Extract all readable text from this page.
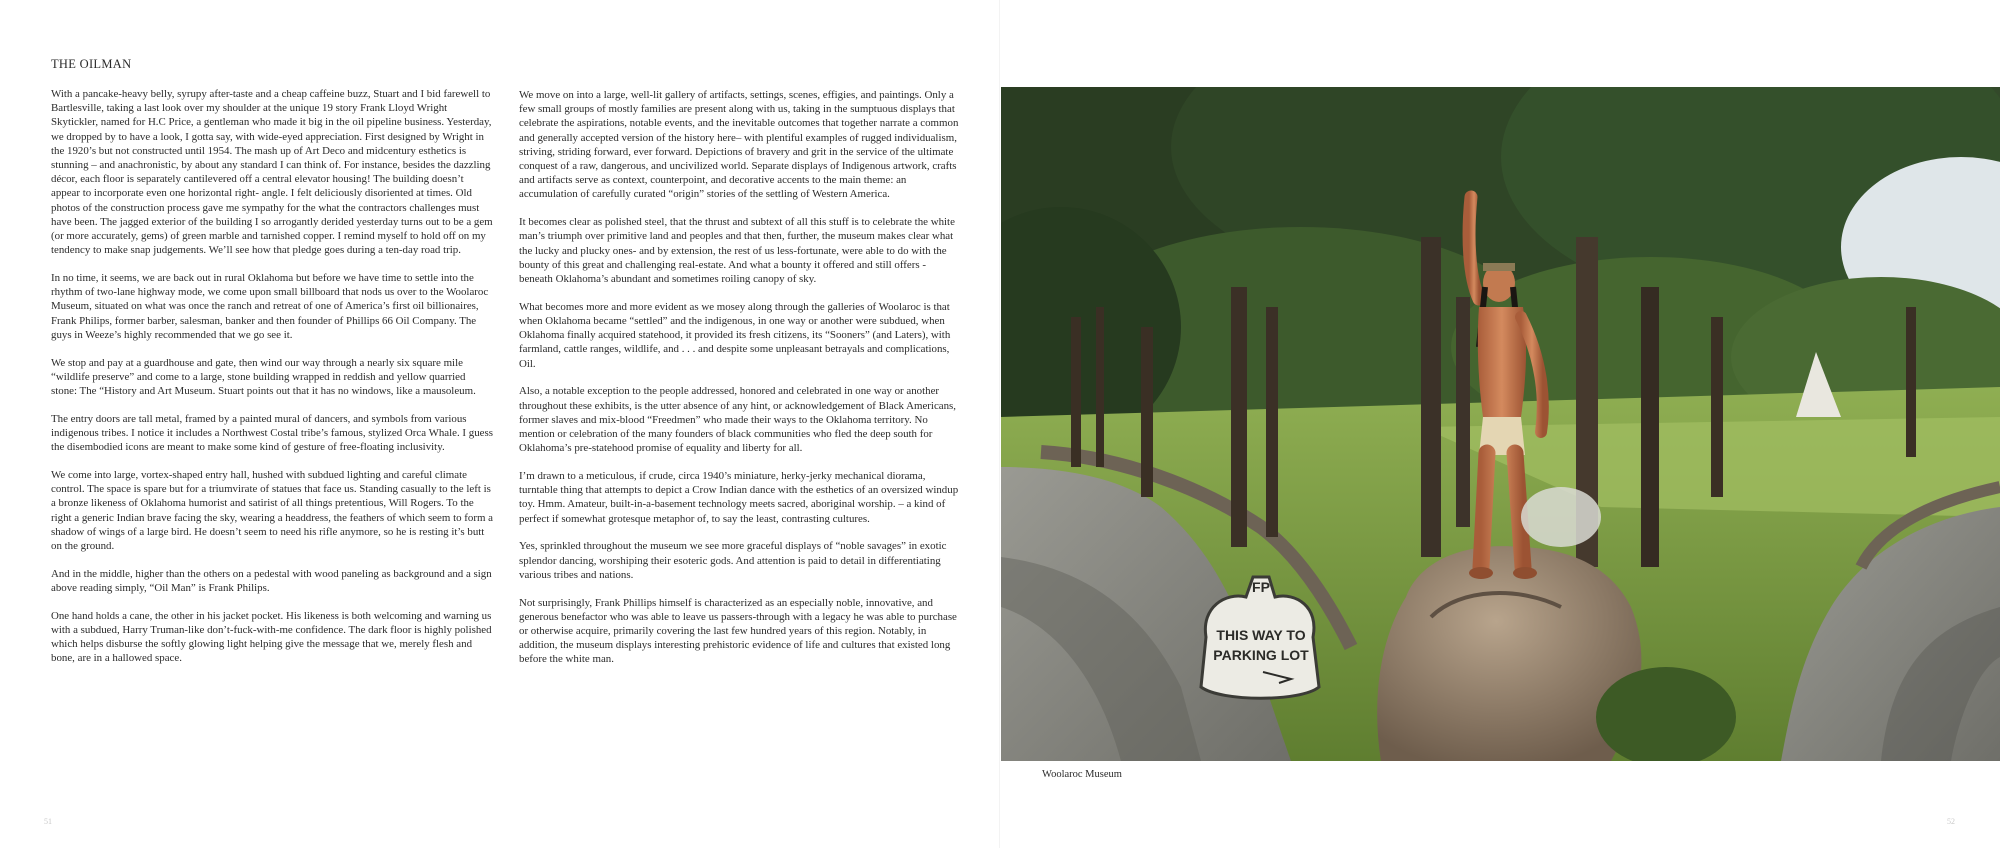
THE OILMAN

With a pancake-heavy belly, syrupy after-taste and a cheap caffeine buzz, Stuart and I bid farewell to Bartlesville, taking a last look over my shoulder at the unique 19 story Frank Lloyd Wright Skytickler, named for H.C Price, a gentleman who made it big in the oil pipeline business. Yesterday, we dropped by to have a look, I gotta say, with wide-eyed appreciation. First designed by Wright in the 1920’s but not constructed until 1954. The mash up of Art Deco and midcentury esthetics is stunning – and anachronistic, by about any standard I can think of. For instance, besides the dazzling décor, each floor is separately cantilevered off a central elevator housing! The building doesn’t appear to incorporate even one horizontal right- angle. I felt deliciously disoriented at times. Old photos of the construction process gave me sympathy for the what the contractors challenges must have been. The jagged exterior of the building I so arrogantly derided yesterday turns out to be a gem (or more accurately, gems) of green marble and tarnished copper. I remind myself to hold off on my tendency to make snap judgements. We’ll see how that pledge goes during a ten-day road trip.

In no time, it seems, we are back out in rural Oklahoma but before we have time to settle into the rhythm of two-lane highway mode, we come upon small billboard that nods us over to the Woolaroc Museum, situated on what was once the ranch and retreat of one of America’s first oil billionaires, Frank Philips, former barber, salesman, banker and then founder of Phillips 66 Oil Company. The guys in Weeze’s highly recommended that we go see it.

We stop and pay at a guardhouse and gate, then wind our way through a nearly six square mile “wildlife preserve” and come to a large, stone building wrapped in reddish and yellow quarried stone: The “History and Art Museum. Stuart points out that it has no windows, like a mausoleum.

The entry doors are tall metal, framed by a painted mural of dancers, and symbols from various indigenous tribes. I notice it includes a Northwest Costal tribe’s famous, stylized Orca Whale. I guess the disembodied icons are meant to make some kind of gesture of free-floating inclusivity.

We come into large, vortex-shaped entry hall, hushed with subdued lighting and careful climate control. The space is spare but for a triumvirate of statues that face us. Standing casually to the left is a bronze likeness of Oklahoma humorist and satirist of all things pretentious, Will Rogers. To the right a generic Indian brave facing the sky, wearing a headdress, the feathers of which seem to form a shadow of wings of a large bird. He doesn’t seem to need his rifle anymore, so he is resting it’s butt on the ground.

And in the middle, higher than the others on a pedestal with wood paneling as background and a sign above reading simply, “Oil Man” is Frank Philips.

One hand holds a cane, the other in his jacket pocket. His likeness is both welcoming and warning us with a subdued, Harry Truman-like don’t-fuck-with-me confidence. The dark floor is highly polished which helps disburse the softly glowing light helping give the message that we, merely flesh and bone, are in a hallowed space.

We move on into a large, well-lit gallery of artifacts, settings, scenes, effigies, and paintings. Only a few small groups of mostly families are present along with us, taking in the sumptuous displays that celebrate the aspirations, notable events, and the inevitable outcomes that together narrate a common and generally accepted version of the history here– with plentiful examples of rugged individualism, striving, striding forward, ever forward. Depictions of bravery and grit in the service of the ultimate conquest of a raw, dangerous, and uncivilized world. Separate displays of Indigenous artwork, crafts and artifacts serve as context, counterpoint, and decorative accents to the main theme: an accumulation of carefully curated “origin” stories of the settling of Western America.

It becomes clear as polished steel, that the thrust and subtext of all this stuff is to celebrate the white man’s triumph over primitive land and peoples and that then, further, the museum makes clear what the lucky and plucky ones- and by extension, the rest of us less-fortunate, were able to do with the bounty of this great and challenging real-estate. And what a bounty it offered and still offers - beneath Oklahoma’s abundant and sometimes roiling canopy of sky.

What becomes more and more evident as we mosey along through the galleries of Woolaroc is that when Oklahoma became “settled” and the indigenous, in one way or another were subdued, when Oklahoma finally acquired statehood, it provided its fresh citizens, its “Sooners” (and Laters), with farmland, cattle ranges, wildlife, and . . . and despite some unpleasant betrayals and complications, Oil.

Also, a notable exception to the people addressed, honored and celebrated in one way or another throughout these exhibits, is the utter absence of any hint, or acknowledgement of Black Americans, former slaves and mix-blood “Freedmen” who made their ways to the Oklahoma territory. No mention or celebration of the many founders of black communities who fled the deep south for Oklahoma’s pre-statehood promise of equality and liberty for all.

I’m drawn to a meticulous, if crude, circa 1940’s miniature, herky-jerky mechanical diorama, turntable thing that attempts to depict a Crow Indian dance with the esthetics of an oversized windup toy. Hmm. Amateur, built-in-a-basement technology meets sacred, aboriginal worship. – a kind of perfect if somewhat grotesque metaphor of, to say the least, contrasting cultures.

Yes, sprinkled throughout the museum we see more graceful displays of “noble savages” in exotic splendor dancing, worshiping their esoteric gods. And attention is paid to detail in differentiating various tribes and nations.

Not surprisingly, Frank Phillips himself is characterized as an especially noble, innovative, and generous benefactor who was able to leave us passers-through with a legacy he was able to purchase or otherwise acquire, primarily covering the last few hundred years of this region. Notably, in addition, the museum displays interesting prehistoric evidence of life and cultures that existed long before the white man.

51
FP
THIS WAY TO
PARKING LOT
Woolaroc Museum
52
